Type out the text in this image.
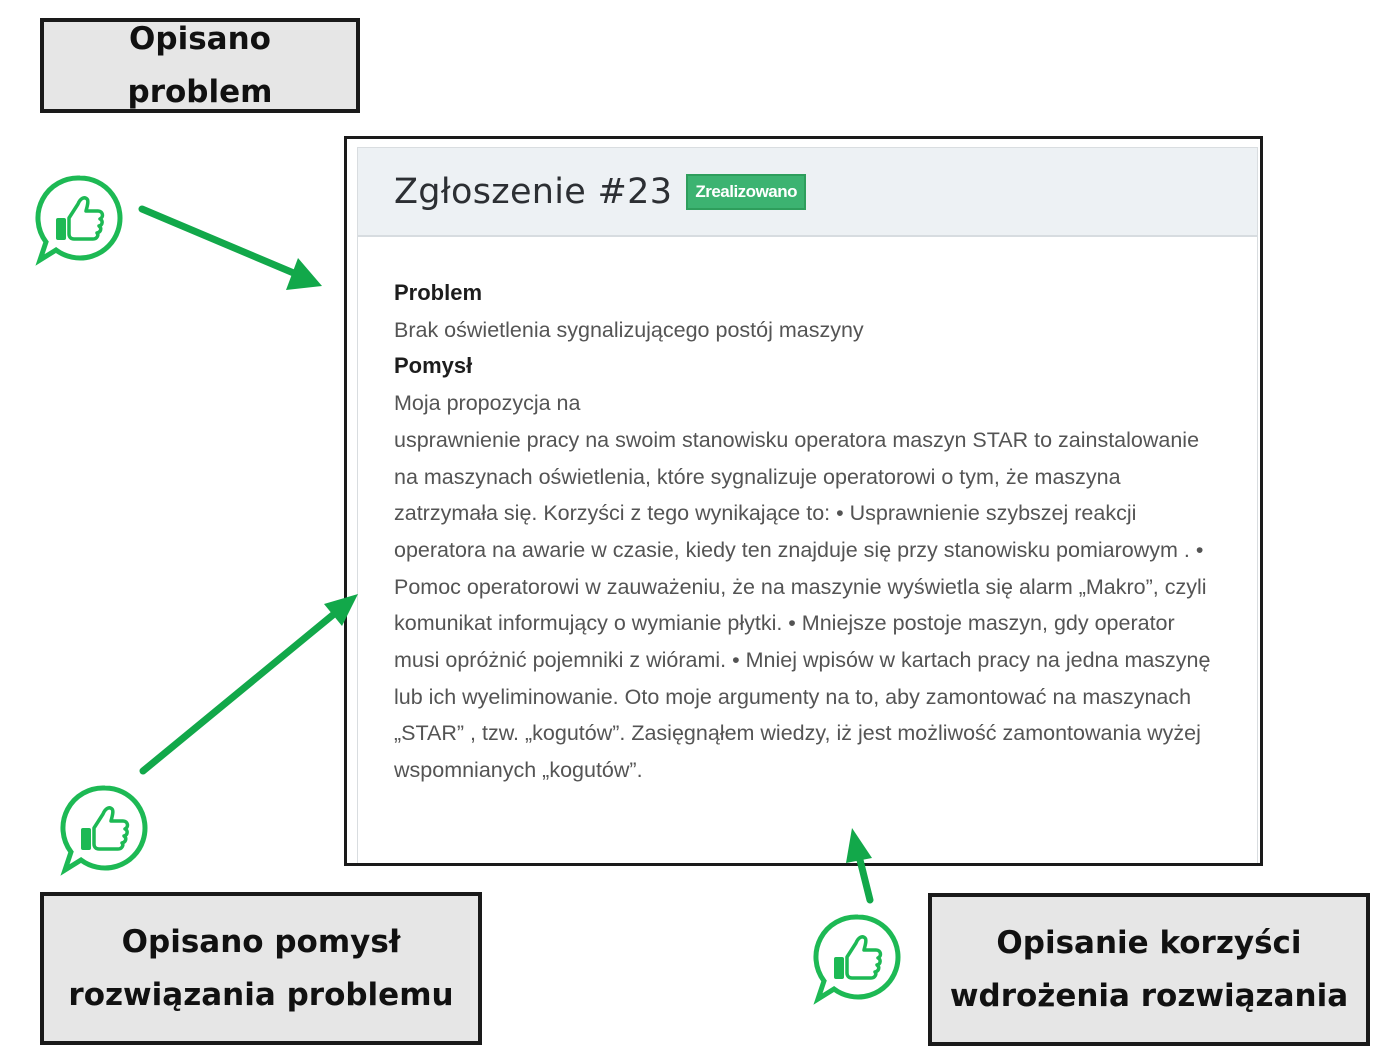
Opisano problem
Zgłoszenie #23	Zrealizowano
Problem
Brak oświetlenia sygnalizującego postój maszyny
Pomysł
Moja propozycja na
usprawnienie pracy na swoim stanowisku operatora maszyn STAR to zainstalowanie na maszynach oświetlenia, które sygnalizuje operatorowi o tym, że maszyna zatrzymała się. Korzyści z tego wynikające to: • Usprawnienie szybszej reakcji operatora na awarie w czasie, kiedy ten znajduje się przy stanowisku pomiarowym . • Pomoc operatorowi w zauważeniu, że na maszynie wyświetla się alarm „Makro”, czyli komunikat informujący o wymianie płytki. • Mniejsze postoje maszyn, gdy operator musi opróżnić pojemniki z wiórami. • Mniej wpisów w kartach pracy na jedna maszynę lub ich wyeliminowanie. Oto moje argumenty na to, aby zamontować na maszynach „STAR” , tzw. „kogutów”. Zasięgnąłem wiedzy, iż jest możliwość zamontowania wyżej wspomnianych „kogutów”.
Opisano pomysł rozwiązania problemu
Opisanie korzyści wdrożenia rozwiązania
